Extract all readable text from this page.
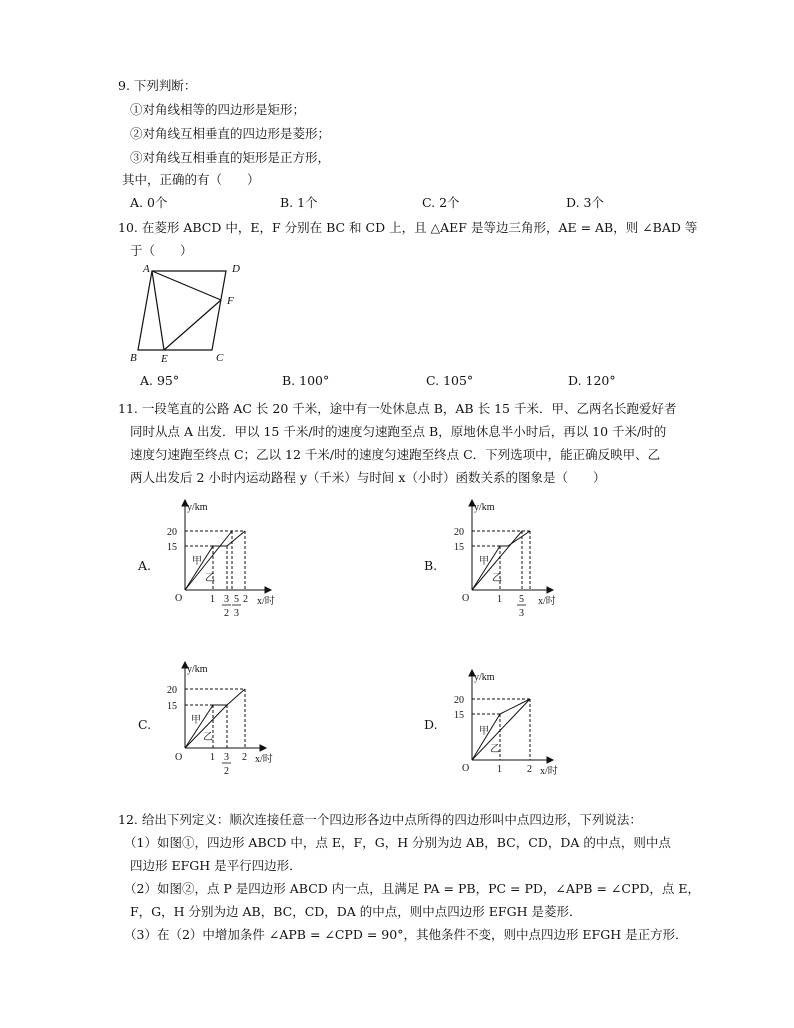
9. 下列判断：
①对角线相等的四边形是矩形；
②对角线互相垂直的四边形是菱形；
③对角线互相垂直的矩形是正方形，
其中，正确的有（　　）
A. 0个	B. 1个	C. 2个	D. 3个
10. 在菱形 ABCD 中，E，F 分别在 BC 和 CD 上，且 △AEF 是等边三角形，AE = AB，则 ∠BAD 等
于（　　）
A	D
F
B E	C
A. 95°	B. 100°	C. 105°	D. 120°
11. 一段笔直的公路 AC 长 20 千米，途中有一处休息点 B，AB 长 15 千米．甲、乙两名长跑爱好者
同时从点 A 出发．甲以 15 千米/时的速度匀速跑至点 B，原地休息半小时后，再以 10 千米/时的
速度匀速跑至终点 C；乙以 12 千米/时的速度匀速跑至终点 C．下列选项中，能正确反映甲、乙
两人出发后 2 小时内运动路程 y（千米）与时间 x（小时）函数关系的图象是（　　）
A.
y/km
20
15
O
甲
乙
1 3
2
5
3
2 x/时
B.
y/km
20
15
O
甲
乙
1 5
3
x/时
C.
y/km
20
15
O
甲
乙
1 3
2
2 x/时
D.
y/km
20
15
O
甲
乙
1	2 x/时
12. 给出下列定义：顺次连接任意一个四边形各边中点所得的四边形叫中点四边形，下列说法：
（1）如图①，四边形 ABCD 中，点 E，F，G，H 分别为边 AB，BC，CD，DA 的中点，则中点
四边形 EFGH 是平行四边形．
（2）如图②，点 P 是四边形 ABCD 内一点，且满足 PA = PB，PC = PD，∠APB = ∠CPD，点 E，
F，G，H 分别为边 AB，BC，CD，DA 的中点，则中点四边形 EFGH 是菱形．
（3）在（2）中增加条件 ∠APB = ∠CPD = 90°，其他条件不变，则中点四边形 EFGH 是正方形．
